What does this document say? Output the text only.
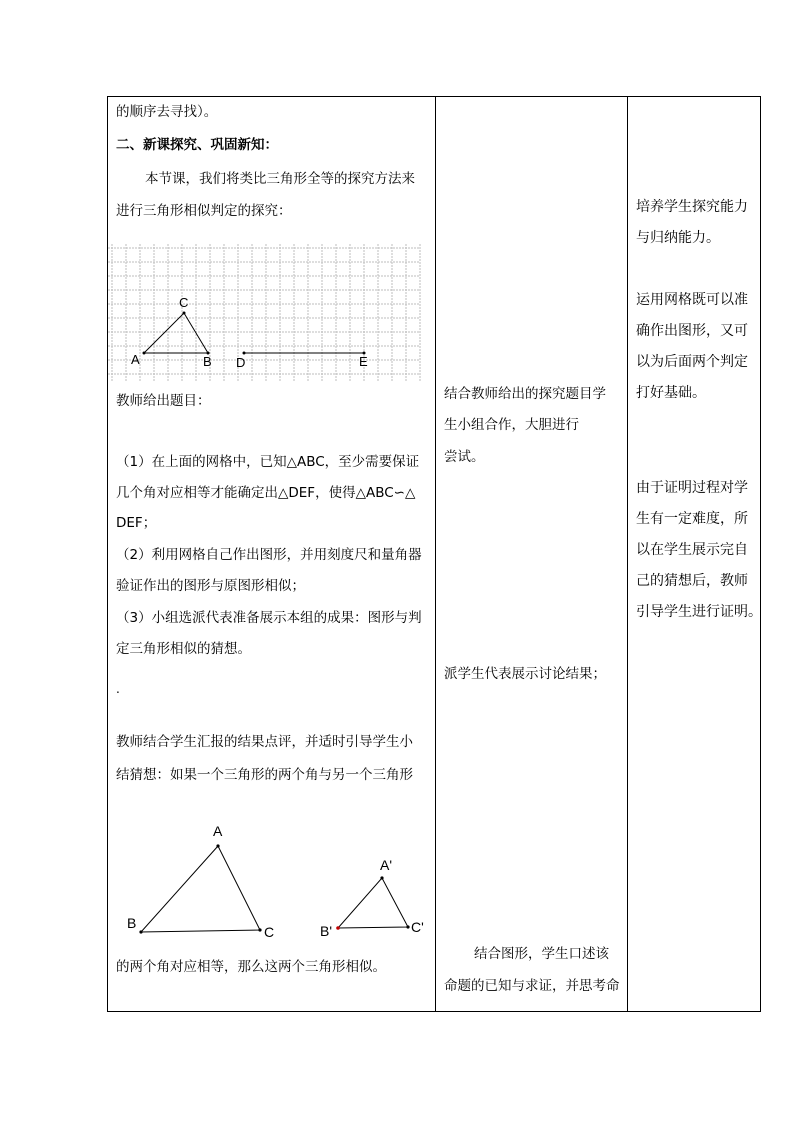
的顺序去寻找）。
二、新课探究、巩固新知：
本节课，我们将类比三角形全等的探究方法来
进行三角形相似判定的探究：
C
A	B D	E
教师给出题目：
（1）在上面的网格中，已知△ABC，至少需要保证
几个角对应相等才能确定出△DEF，使得△ABC∽△
DEF；
（2）利用网格自己作出图形，并用刻度尺和量角器
验证作出的图形与原图形相似；
（3）小组选派代表准备展示本组的成果：图形与判
定三角形相似的猜想。
.
教师结合学生汇报的结果点评，并适时引导学生小
结猜想：如果一个三角形的两个角与另一个三角形
A
B
C
A'
B'	C'
的两个角对应相等，那么这两个三角形相似。
结合教师给出的探究题目学
生小组合作，大胆进行
尝试。
派学生代表展示讨论结果；
结合图形，学生口述该
命题的已知与求证，并思考命
培养学生探究能力
与归纳能力。
运用网格既可以准
确作出图形，又可
以为后面两个判定
打好基础。
由于证明过程对学
生有一定难度，所
以在学生展示完自
己的猜想后，教师
引导学生进行证明。
